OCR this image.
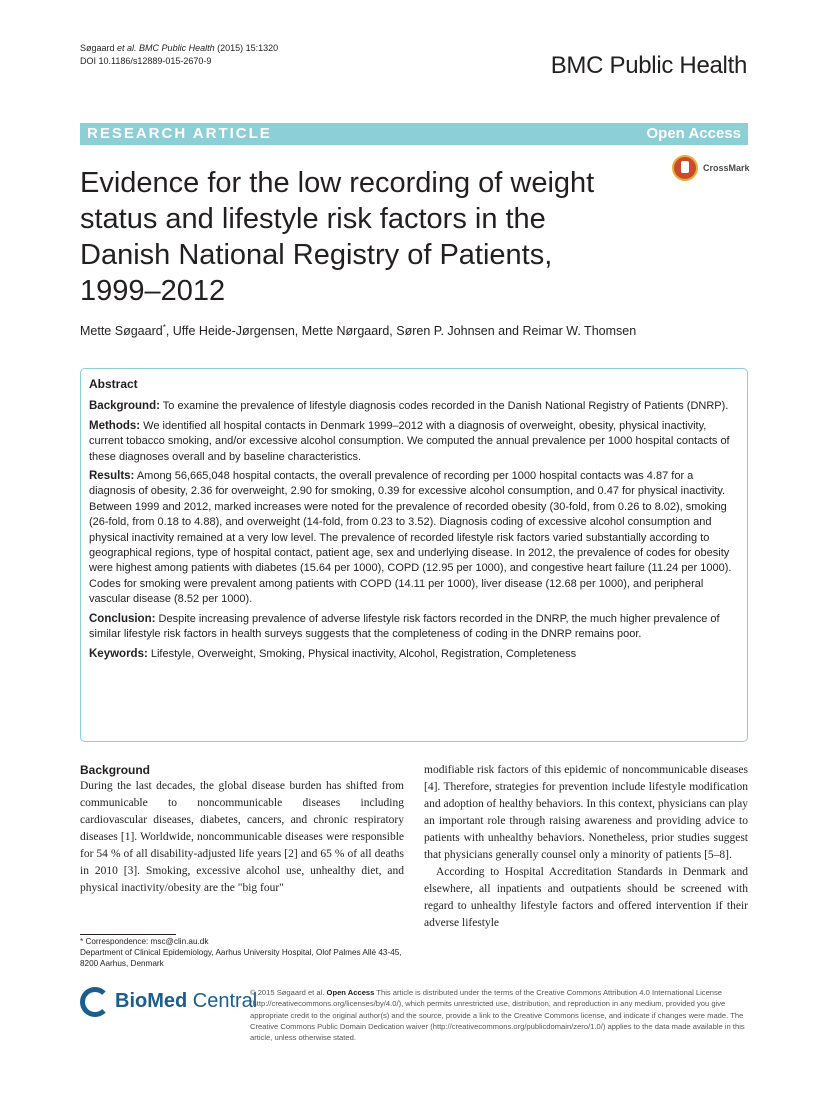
Søgaard et al. BMC Public Health (2015) 15:1320
DOI 10.1186/s12889-015-2670-9	BMC Public Health
RESEARCH ARTICLE	Open Access
CrossMark
Evidence for the low recording of weight
status and lifestyle risk factors in the
Danish National Registry of Patients,
1999–2012
Mette Søgaard*, Uffe Heide-Jørgensen, Mette Nørgaard, Søren P. Johnsen and Reimar W. Thomsen
Abstract

Background: To examine the prevalence of lifestyle diagnosis codes recorded in the Danish National Registry of Patients (DNRP).

Methods: We identified all hospital contacts in Denmark 1999–2012 with a diagnosis of overweight, obesity, physical inactivity, current tobacco smoking, and/or excessive alcohol consumption. We computed the annual prevalence per 1000 hospital contacts of these diagnoses overall and by baseline characteristics.

Results: Among 56,665,048 hospital contacts, the overall prevalence of recording per 1000 hospital contacts was 4.87 for a diagnosis of obesity, 2.36 for overweight, 2.90 for smoking, 0.39 for excessive alcohol consumption, and 0.47 for physical inactivity. Between 1999 and 2012, marked increases were noted for the prevalence of recorded obesity (30-fold, from 0.26 to 8.02), smoking (26-fold, from 0.18 to 4.88), and overweight (14-fold, from 0.23 to 3.52). Diagnosis coding of excessive alcohol consumption and physical inactivity remained at a very low level. The prevalence of recorded lifestyle risk factors varied substantially according to geographical regions, type of hospital contact, patient age, sex and underlying disease. In 2012, the prevalence of codes for obesity were highest among patients with diabetes (15.64 per 1000), COPD (12.95 per 1000), and congestive heart failure (11.24 per 1000). Codes for smoking were prevalent among patients with COPD (14.11 per 1000), liver disease (12.68 per 1000), and peripheral vascular disease (8.52 per 1000).

Conclusion: Despite increasing prevalence of adverse lifestyle risk factors recorded in the DNRP, the much higher prevalence of similar lifestyle risk factors in health surveys suggests that the completeness of coding in the DNRP remains poor.

Keywords: Lifestyle, Overweight, Smoking, Physical inactivity, Alcohol, Registration, Completeness

Background

During the last decades, the global disease burden has shifted from communicable to noncommunicable diseases including cardiovascular diseases, diabetes, cancers, and chronic respiratory diseases [1]. Worldwide, noncommunicable diseases were responsible for 54 % of all disability-adjusted life years [2] and 65 % of all deaths in 2010 [3]. Smoking, excessive alcohol use, unhealthy diet, and physical inactivity/obesity are the "big four"

modifiable risk factors of this epidemic of noncommunicable diseases [4]. Therefore, strategies for prevention include lifestyle modification and adoption of healthy behaviors. In this context, physicians can play an important role through raising awareness and providing advice to patients with unhealthy behaviors. Nonetheless, prior studies suggest that physicians generally counsel only a minority of patients [5–8].

According to Hospital Accreditation Standards in Denmark and elsewhere, all inpatients and outpatients should be screened with regard to unhealthy lifestyle factors and offered intervention if their adverse lifestyle

* Correspondence: msc@clin.au.dk
Department of Clinical Epidemiology, Aarhus University Hospital, Olof Palmes Allé 43-45, 8200 Aarhus, Denmark
BioMed Central
© 2015 Søgaard et al. Open Access This article is distributed under the terms of the Creative Commons Attribution 4.0 International License (http://creativecommons.org/licenses/by/4.0/), which permits unrestricted use, distribution, and reproduction in any medium, provided you give appropriate credit to the original author(s) and the source, provide a link to the Creative Commons license, and indicate if changes were made. The Creative Commons Public Domain Dedication waiver (http://creativecommons.org/publicdomain/zero/1.0/) applies to the data made available in this article, unless otherwise stated.
